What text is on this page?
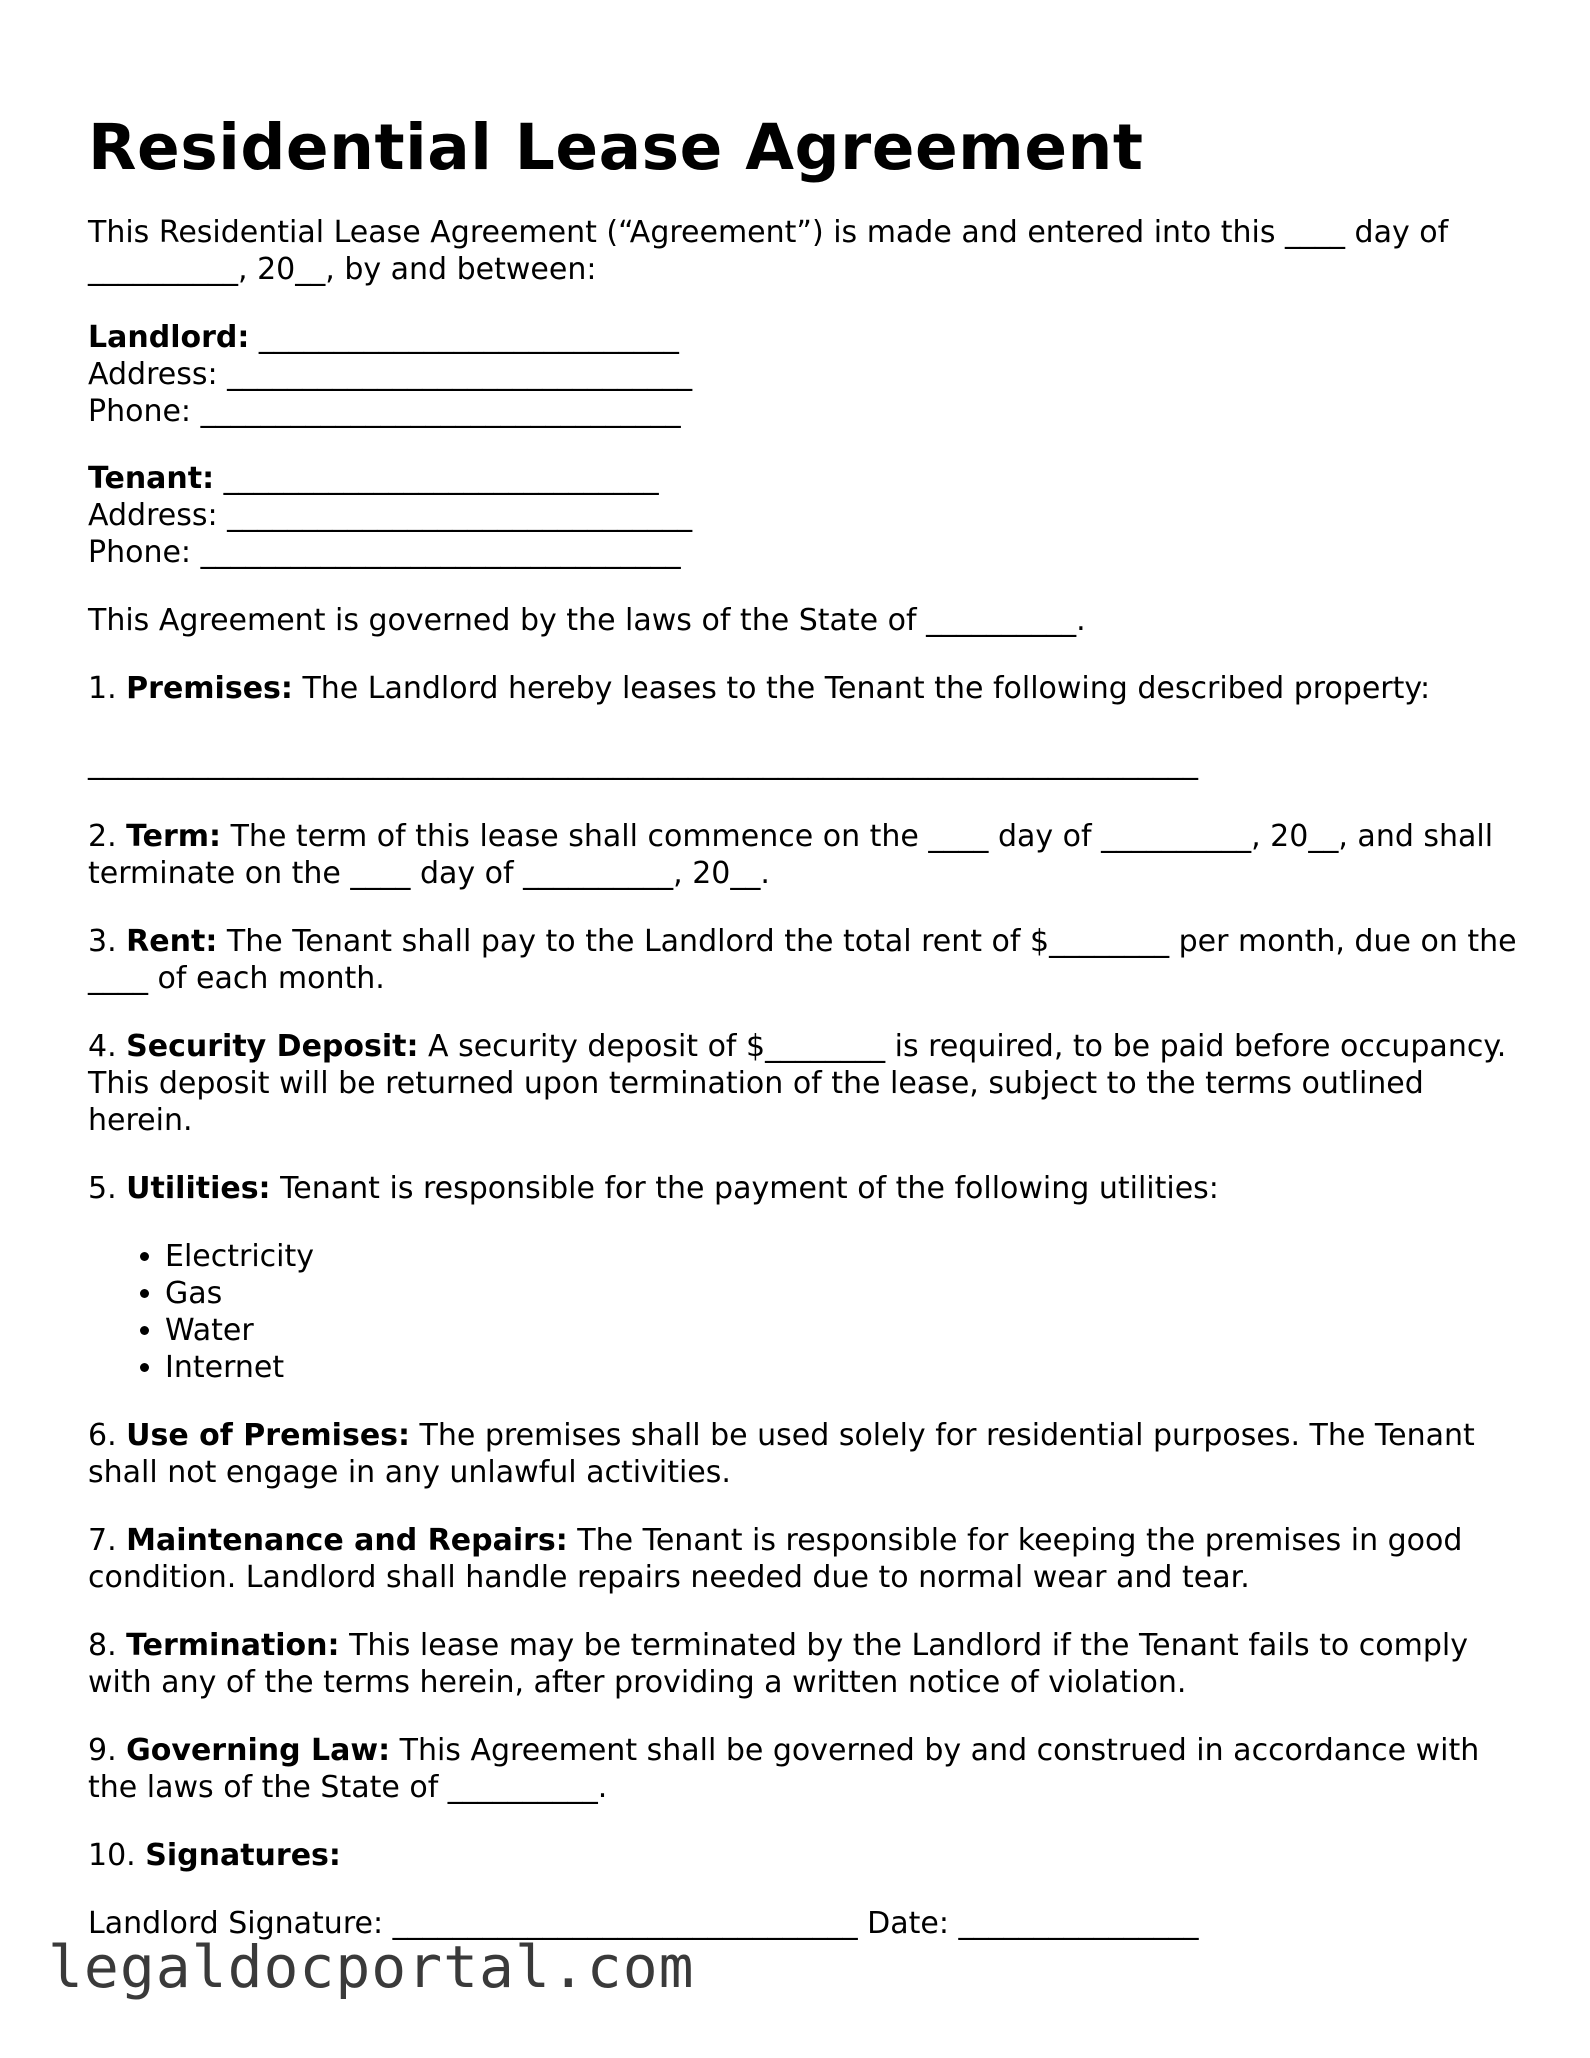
Residential Lease Agreement

This Residential Lease Agreement (“Agreement”) is made and entered into this ____ day of __________, 20__, by and between:

Landlord: ____________________________

Address: _______________________________

Phone: ________________________________

Tenant: _____________________________

Address: _______________________________

Phone: ________________________________

This Agreement is governed by the laws of the State of __________.

1. Premises: The Landlord hereby leases to the Tenant the following described property:

__________________________________________________________________________

2. Term: The term of this lease shall commence on the ____ day of __________, 20__, and shall terminate on the ____ day of __________, 20__.

3. Rent: The Tenant shall pay to the Landlord the total rent of $________ per month, due on the ____ of each month.

4. Security Deposit: A security deposit of $________ is required, to be paid before occupancy. This deposit will be returned upon termination of the lease, subject to the terms outlined herein.

5. Utilities: Tenant is responsible for the payment of the following utilities:

• Electricity
• Gas
• Water
• Internet

6. Use of Premises: The premises shall be used solely for residential purposes. The Tenant shall not engage in any unlawful activities.

7. Maintenance and Repairs: The Tenant is responsible for keeping the premises in good condition. Landlord shall handle repairs needed due to normal wear and tear.

8. Termination: This lease may be terminated by the Landlord if the Tenant fails to comply with any of the terms herein, after providing a written notice of violation.

9. Governing Law: This Agreement shall be governed by and construed in accordance with the laws of the State of __________.

10. Signatures:

Landlord Signature: _______________________________ Date: ________________

legaldocportal.com
